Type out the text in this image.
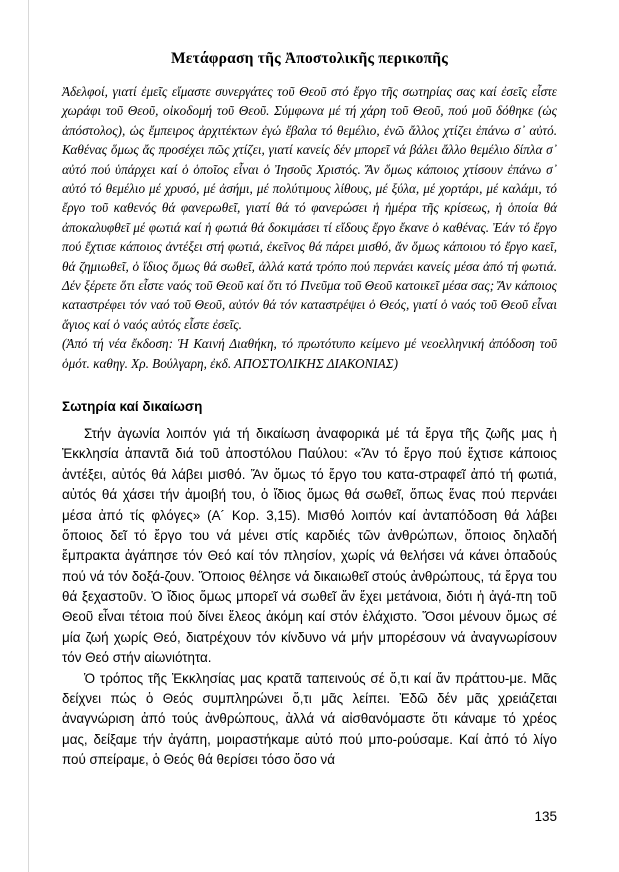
Μετάφραση τῆς Ἀποστολικῆς περικοπῆς

Ἀδελφοί, γιατί ἐμεῖς εἴμαστε συνεργάτες τοῦ Θεοῦ στό ἔργο τῆς σωτηρίας σας καί ἐσεῖς εἶστε χωράφι τοῦ Θεοῦ, οἰκοδομή τοῦ Θεοῦ. Σύμφωνα μέ τή χάρη τοῦ Θεοῦ, πού μοῦ δόθηκε (ὡς ἀπόστολος), ὡς ἔμπειρος ἀρχιτέκτων ἐγώ ἔβαλα τό θεμέλιο, ἐνῶ ἄλλος χτίζει ἐπάνω σ᾽ αὐτό. Καθένας ὅμως ἄς προσέχει πῶς χτίζει, γιατί κανείς δέν μπορεῖ νά βάλει ἄλλο θεμέλιο δίπλα σ᾽ αὐτό πού ὑπάρχει καί ὁ ὁποῖος εἶναι ὁ Ἰησοῦς Χριστός. Ἄν ὅμως κάποιος χτίσουν ἐπάνω σ᾽ αὐτό τό θεμέλιο μέ χρυσό, μέ ἀσήμι, μέ πολύτιμους λίθους, μέ ξύλα, μέ χορτάρι, μέ καλάμι, τό ἔργο τοῦ καθενός θά φανερωθεῖ, γιατί θά τό φανερώσει ἡ ἡμέρα τῆς κρίσεως, ἡ ὁποία θά ἀποκαλυφθεῖ μέ φωτιά καί ἡ φωτιά θά δοκιμάσει τί εἴδους ἔργο ἔκανε ὁ καθένας. Ἐάν τό ἔργο πού ἔχτισε κάποιος ἀντέξει στή φωτιά, ἐκεῖνος θά πάρει μισθό, ἄν ὅμως κάποιου τό ἔργο καεῖ, θά ζημιωθεῖ, ὁ ἴδιος ὅμως θά σωθεῖ, ἀλλά κατά τρόπο πού περνάει κανείς μέσα ἀπό τή φωτιά. Δέν ξέρετε ὅτι εἶστε ναός τοῦ Θεοῦ καί ὅτι τό Πνεῦμα τοῦ Θεοῦ κατοικεῖ μέσα σας; Ἄν κάποιος καταστρέφει τόν ναό τοῦ Θεοῦ, αὐτόν θά τόν καταστρέψει ὁ Θεός, γιατί ὁ ναός τοῦ Θεοῦ εἶναι ἅγιος καί ὁ ναός αὐτός εἶστε ἐσεῖς.

(Ἀπό τή νέα ἔκδοση: Ἡ Καινή Διαθήκη, τό πρωτότυπο κείμενο μέ νεοελληνική ἀπόδοση τοῦ ὁμότ. καθηγ. Χρ. Βούλγαρη, ἐκδ. ΑΠΟΣΤΟΛΙΚΗΣ ΔΙΑΚΟΝΙΑΣ)

Σωτηρία καί δικαίωση

Στήν ἀγωνία λοιπόν γιά τή δικαίωση ἀναφορικά μέ τά ἔργα τῆς ζωῆς μας ἡ Ἐκκλησία ἀπαντᾶ διά τοῦ ἀποστόλου Παύλου: «Ἄν τό ἔργο πού ἔχτισε κάποιος ἀντέξει, αὐτός θά λάβει μισθό. Ἄν ὅμως τό ἔργο του κατα-στραφεῖ ἀπό τή φωτιά, αὐτός θά χάσει τήν ἀμοιβή του, ὁ ἴδιος ὅμως θά σωθεῖ, ὅπως ἕνας πού περνάει μέσα ἀπό τίς φλόγες» (Α´ Κορ. 3,15). Μισθό λοιπόν καί ἀνταπόδοση θά λάβει ὅποιος δεῖ τό ἔργο του νά μένει στίς καρδιές τῶν ἀνθρώπων, ὅποιος δηλαδή ἔμπρακτα ἀγάπησε τόν Θεό καί τόν πλησίον, χωρίς νά θελήσει νά κάνει ὀπαδούς πού νά τόν δοξά-ζουν. Ὅποιος θέλησε νά δικαιωθεῖ στούς ἀνθρώπους, τά ἔργα του θά ξεχαστοῦν. Ὁ ἴδιος ὅμως μπορεῖ νά σωθεῖ ἄν ἔχει μετάνοια, διότι ἡ ἀγά-πη τοῦ Θεοῦ εἶναι τέτοια πού δίνει ἔλεος ἀκόμη καί στόν ἐλάχιστο. Ὅσοι μένουν ὅμως σέ μία ζωή χωρίς Θεό, διατρέχουν τόν κίνδυνο νά μήν μπορέσουν νά ἀναγνωρίσουν τόν Θεό στήν αἰωνιότητα.

Ὁ τρόπος τῆς Ἐκκλησίας μας κρατᾶ ταπεινούς σέ ὅ,τι καί ἄν πράττου-με. Μᾶς δείχνει πώς ὁ Θεός συμπληρώνει ὅ,τι μᾶς λείπει. Ἐδῶ δέν μᾶς χρειάζεται ἀναγνώριση ἀπό τούς ἀνθρώπους, ἀλλά νά αἰσθανόμαστε ὅτι κάναμε τό χρέος μας, δείξαμε τήν ἀγάπη, μοιραστήκαμε αὐτό πού μπο-ρούσαμε. Καί ἀπό τό λίγο πού σπείραμε, ὁ Θεός θά θερίσει τόσο ὅσο νά

135
